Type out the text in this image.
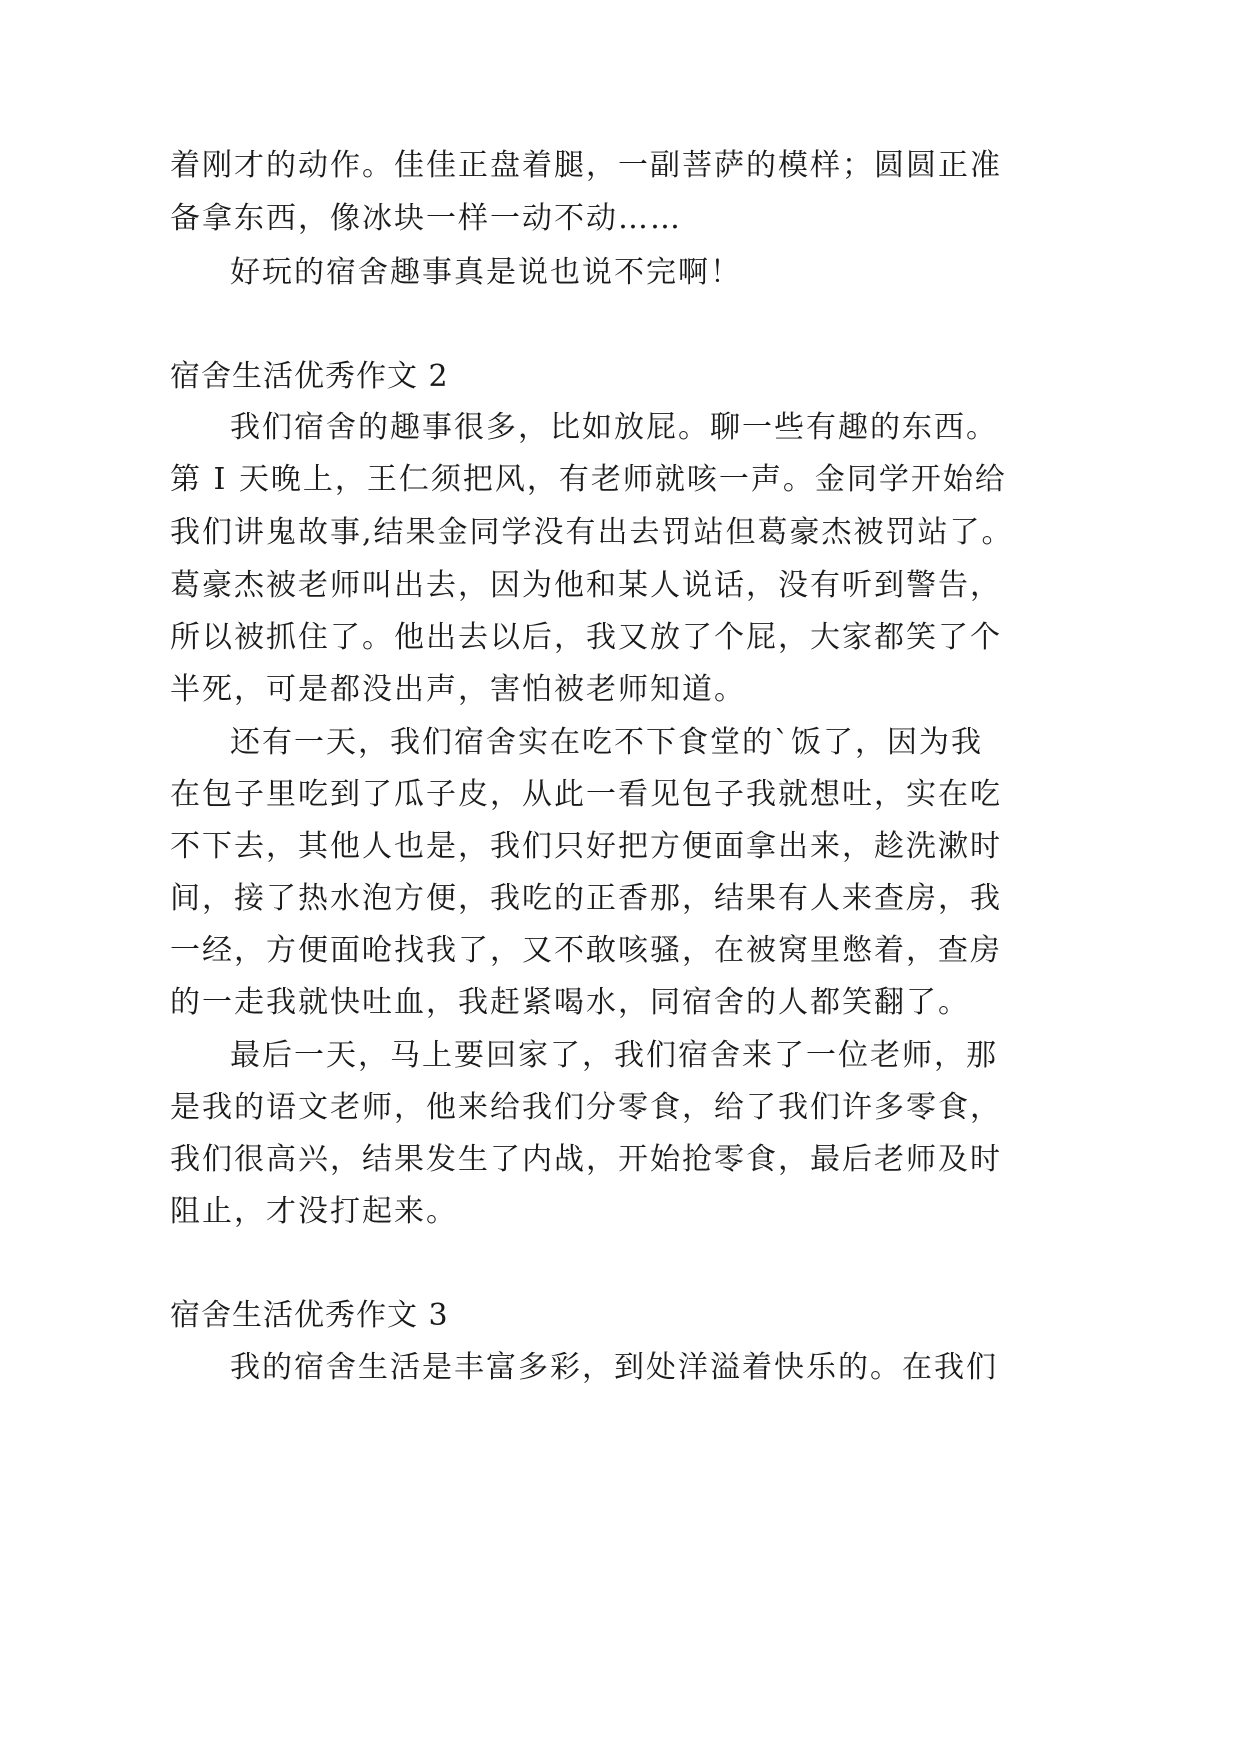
着刚才的动作。佳佳正盘着腿，一副菩萨的模样；圆圆正准
备拿东西，像冰块一样一动不动……
好玩的宿舍趣事真是说也说不完啊！
宿舍生活优秀作文 2
我们宿舍的趣事很多，比如放屁。聊一些有趣的东西。
第 I 天晚上，王仁须把风，有老师就咳一声。金同学开始给
我们讲鬼故事,结果金同学没有出去罚站但葛豪杰被罚站了。
葛豪杰被老师叫出去，因为他和某人说话，没有听到警告，
所以被抓住了。他出去以后，我又放了个屁，大家都笑了个
半死，可是都没出声，害怕被老师知道。
还有一天，我们宿舍实在吃不下食堂的`饭了，因为我
在包子里吃到了瓜子皮，从此一看见包子我就想吐，实在吃
不下去，其他人也是，我们只好把方便面拿出来，趁洗漱时
间，接了热水泡方便，我吃的正香那，结果有人来查房，我
一经，方便面呛找我了，又不敢咳骚，在被窝里憋着，查房
的一走我就快吐血，我赶紧喝水，同宿舍的人都笑翻了。
最后一天，马上要回家了，我们宿舍来了一位老师，那
是我的语文老师，他来给我们分零食，给了我们许多零食，
我们很高兴，结果发生了内战，开始抢零食，最后老师及时
阻止，才没打起来。
宿舍生活优秀作文 3
我的宿舍生活是丰富多彩，到处洋溢着快乐的。在我们
